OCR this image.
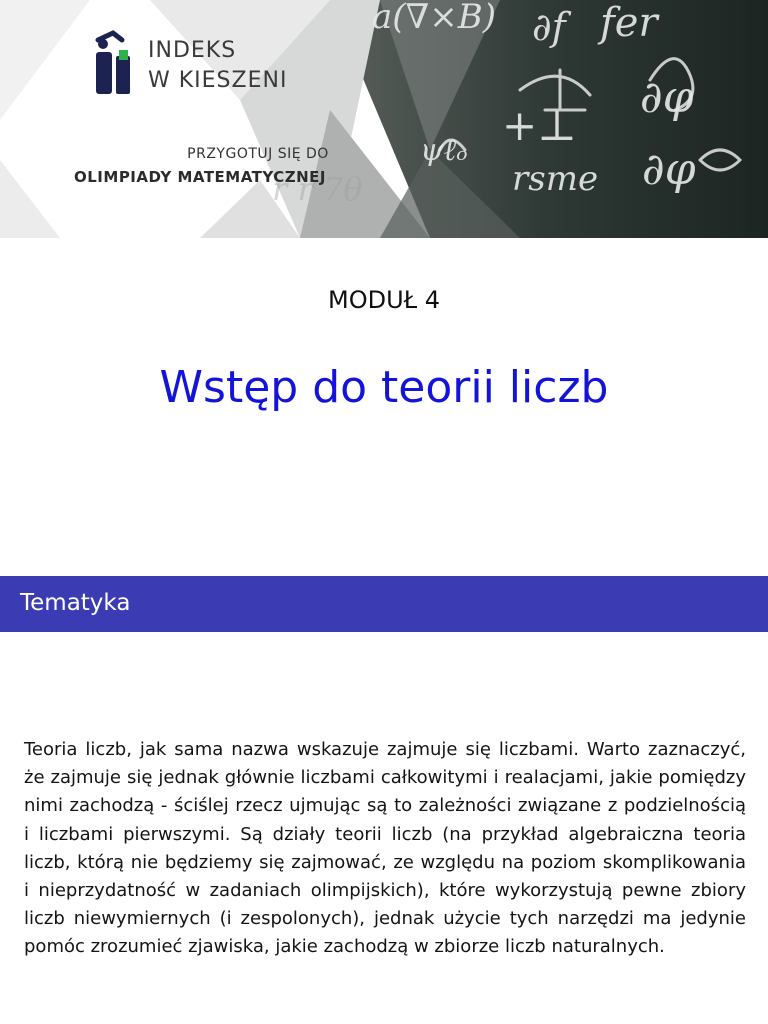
a(∇×B) ∂f fer
∂φ
+⊥
ψℓₒ
rsme ∂φ
r r 7θ
INDEKS
W KIESZENI
PRZYGOTUJ SIĘ DO
OLIMPIADY MATEMATYCZNEJ
MODUŁ 4
Wstęp do teorii liczb
Tematyka
Teoria liczb, jak sama nazwa wskazuje zajmuje się liczbami. Warto zaznaczyć, że zajmuje się jednak głównie liczbami całkowitymi i realacjami, jakie pomiędzy nimi zachodzą - ściślej rzecz ujmując są to zależności związane z podzielnością i liczbami pierwszymi. Są działy teorii liczb (na przykład algebraiczna teoria liczb, którą nie będziemy się zajmować, ze względu na poziom skomplikowania i nieprzydatność w zadaniach olimpijskich), które wykorzystują pewne zbiory liczb niewymiernych (i zespolonych), jednak użycie tych narzędzi ma jedynie pomóc zrozumieć zjawiska, jakie zachodzą w zbiorze liczb naturalnych.
